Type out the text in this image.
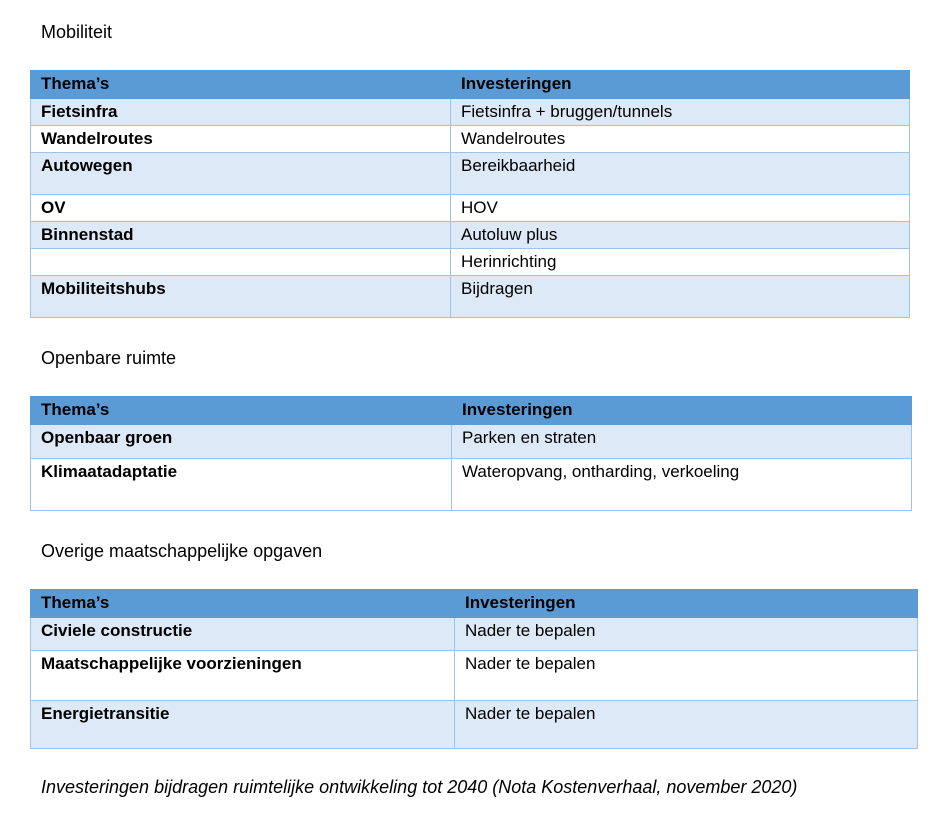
Mobiliteit
Thema’s	Investeringen
Fietsinfra	Fietsinfra + bruggen/tunnels
Wandelroutes	Wandelroutes
Autowegen	Bereikbaarheid
OV	HOV
Binnenstad	Autoluw plus
	Herinrichting
Mobiliteitshubs	Bijdragen
Openbare ruimte
Thema’s	Investeringen
Openbaar groen	Parken en straten
Klimaatadaptatie	Wateropvang, ontharding, verkoeling
Overige maatschappelijke opgaven
Thema’s	Investeringen
Civiele constructie	Nader te bepalen
Maatschappelijke voorzieningen	Nader te bepalen
Energietransitie	Nader te bepalen
Investeringen bijdragen ruimtelijke ontwikkeling tot 2040 (Nota Kostenverhaal, november 2020)
